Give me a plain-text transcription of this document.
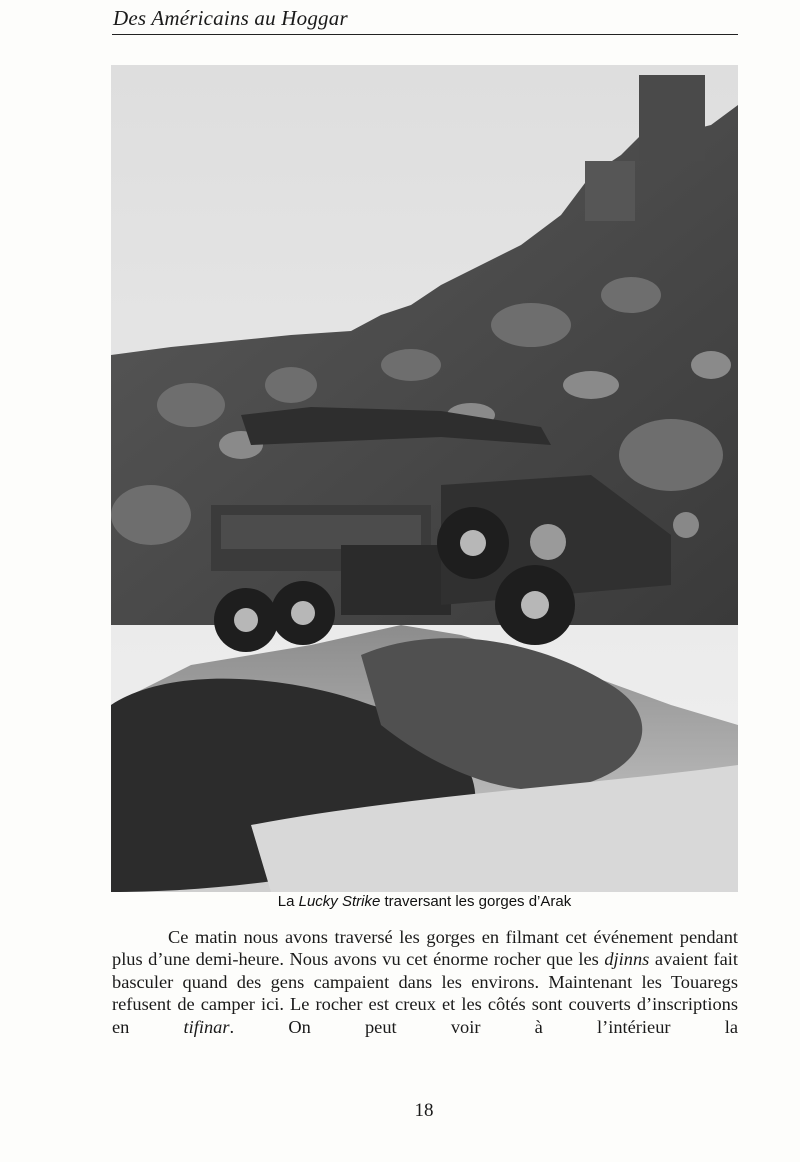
Des Américains au Hoggar
La Lucky Strike traversant les gorges d’Arak
Ce matin nous avons traversé les gorges en filmant cet événement pendant plus d’une demi-heure. Nous avons vu cet énorme rocher que les djinns avaient fait basculer quand des gens campaient dans les environs. Maintenant les Touaregs refusent de camper ici. Le rocher est creux et les côtés sont couverts d’inscriptions en tifinar. On peut voir à l’intérieur la
18
